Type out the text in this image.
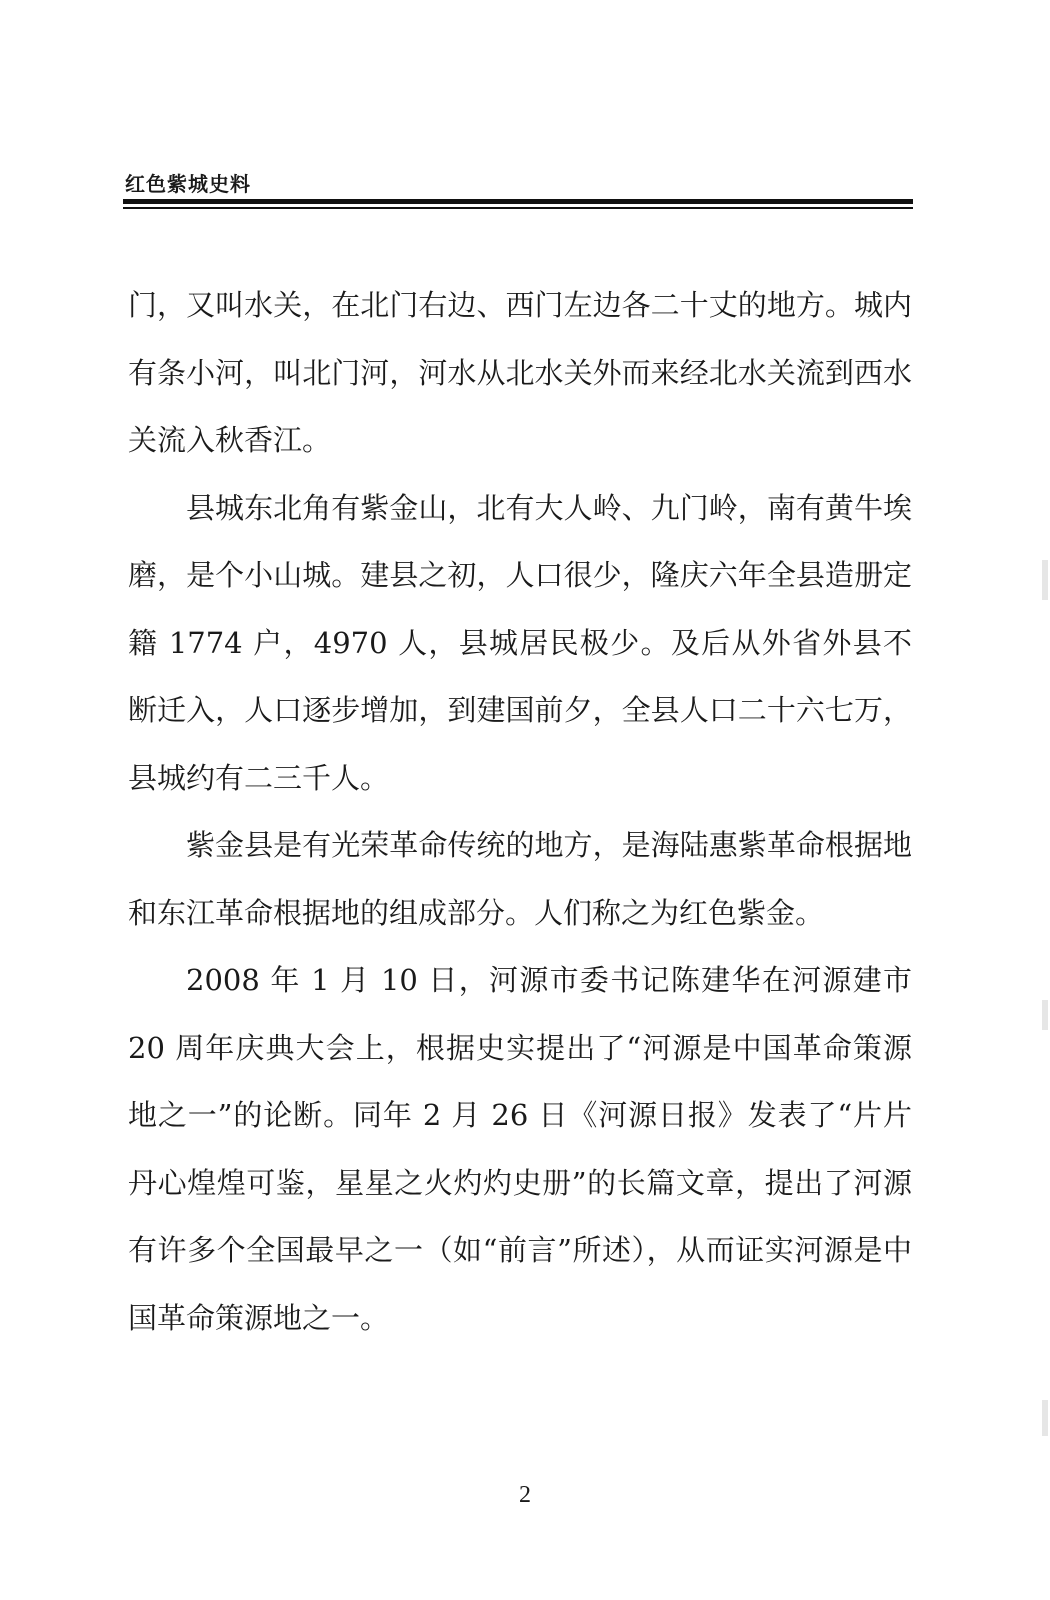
红色紫城史料

门，又叫水关，在北门右边、西门左边各二十丈的地方。城内有条小河，叫北门河，河水从北水关外而来经北水关流到西水关流入秋香江。

县城东北角有紫金山，北有大人岭、九门岭，南有黄牛埃磨，是个小山城。建县之初，人口很少，隆庆六年全县造册定籍 1774 户，4970 人，县城居民极少。及后从外省外县不断迁入，人口逐步增加，到建国前夕，全县人口二十六七万，县城约有二三千人。

紫金县是有光荣革命传统的地方，是海陆惠紫革命根据地和东江革命根据地的组成部分。人们称之为红色紫金。

2008 年 1 月 10 日，河源市委书记陈建华在河源建市 20 周年庆典大会上，根据史实提出了“河源是中国革命策源地之一”的论断。同年 2 月 26 日《河源日报》发表了“片片丹心煌煌可鉴，星星之火灼灼史册”的长篇文章，提出了河源有许多个全国最早之一（如“前言”所述），从而证实河源是中国革命策源地之一。

2
